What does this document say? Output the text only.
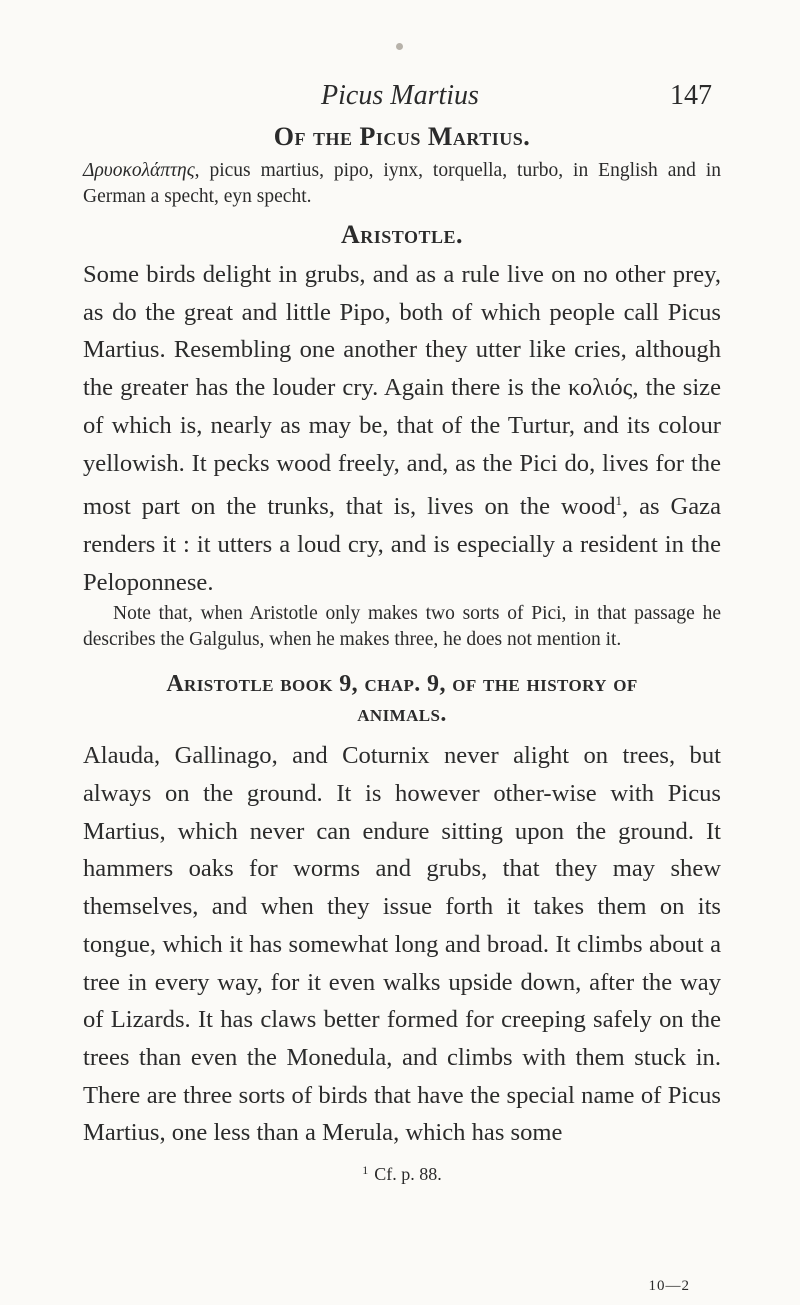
Picus Martius	147
Of the Picus Martius.

Δρυοκολάπτης, picus martius, pipo, iynx, torquella, turbo, in English and in German a specht, eyn specht.

Aristotle.

Some birds delight in grubs, and as a rule live on no other prey, as do the great and little Pipo, both of which people call Picus Martius. Resembling one another they utter like cries, although the greater has the louder cry. Again there is the κολιός, the size of which is, nearly as may be, that of the Turtur, and its colour yellowish. It pecks wood freely, and, as the Pici do, lives for the most part on the trunks, that is, lives on the wood$^1$, as Gaza renders it : it utters a loud cry, and is especially a resident in the Peloponnese.

Note that, when Aristotle only makes two sorts of Pici, in that passage he describes the Galgulus, when he makes three, he does not mention it.

Aristotle book 9, chap. 9, of the history of
animals.

Alauda, Gallinago, and Coturnix never alight on trees, but always on the ground. It is however other-wise with Picus Martius, which never can endure sitting upon the ground. It hammers oaks for worms and grubs, that they may shew themselves, and when they issue forth it takes them on its tongue, which it has somewhat long and broad. It climbs about a tree in every way, for it even walks upside down, after the way of Lizards. It has claws better formed for creeping safely on the trees than even the Monedula, and climbs with them stuck in. There are three sorts of birds that have the special name of Picus Martius, one less than a Merula, which has some

$^1$ Cf. p. 88.
10—2
